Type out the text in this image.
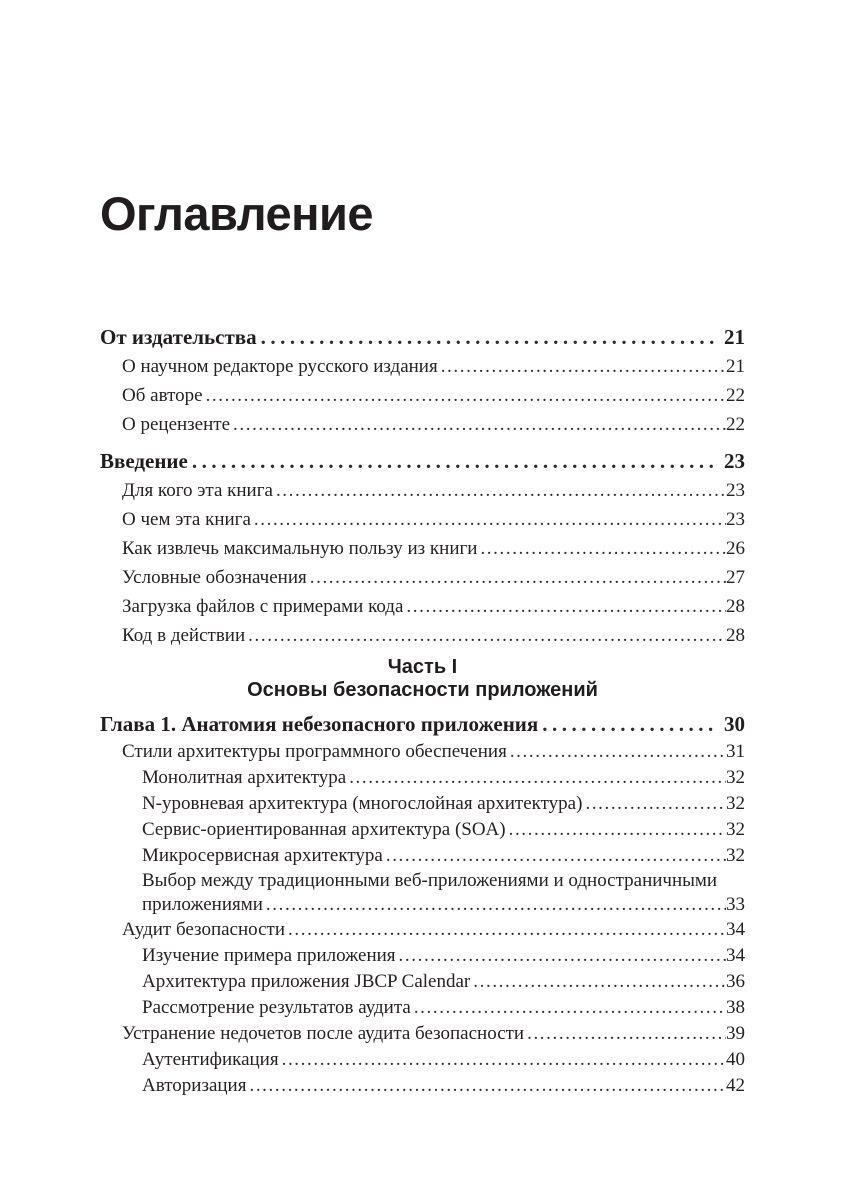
Оглавление
От издательства .....	21
О научном редакторе русского издания .....	21
Об авторе .....	22
О рецензенте .....	22
Введение .....	23
Для кого эта книга .....	23
О чем эта книга .....	23
Как извлечь максимальную пользу из книги .....	26
Условные обозначения .....	27
Загрузка файлов с примерами кода .....	28
Код в действии .....	28
Часть I
Основы безопасности приложений
Глава 1. Анатомия небезопасного приложения .....	30
Стили архитектуры программного обеспечения .....	31
Монолитная архитектура .....	32
N-уровневая архитектура (многослойная архитектура) .....	32
Сервис-ориентированная архитектура (SOA) .....	32
Микросервисная архитектура .....	32
Выбор между традиционными веб-приложениями и одностраничными
приложениями .....	33
Аудит безопасности .....	34
Изучение примера приложения .....	34
Архитектура приложения JBCP Calendar .....	36
Рассмотрение результатов аудита .....	38
Устранение недочетов после аудита безопасности .....	39
Аутентификация .....	40
Авторизация .....	42
